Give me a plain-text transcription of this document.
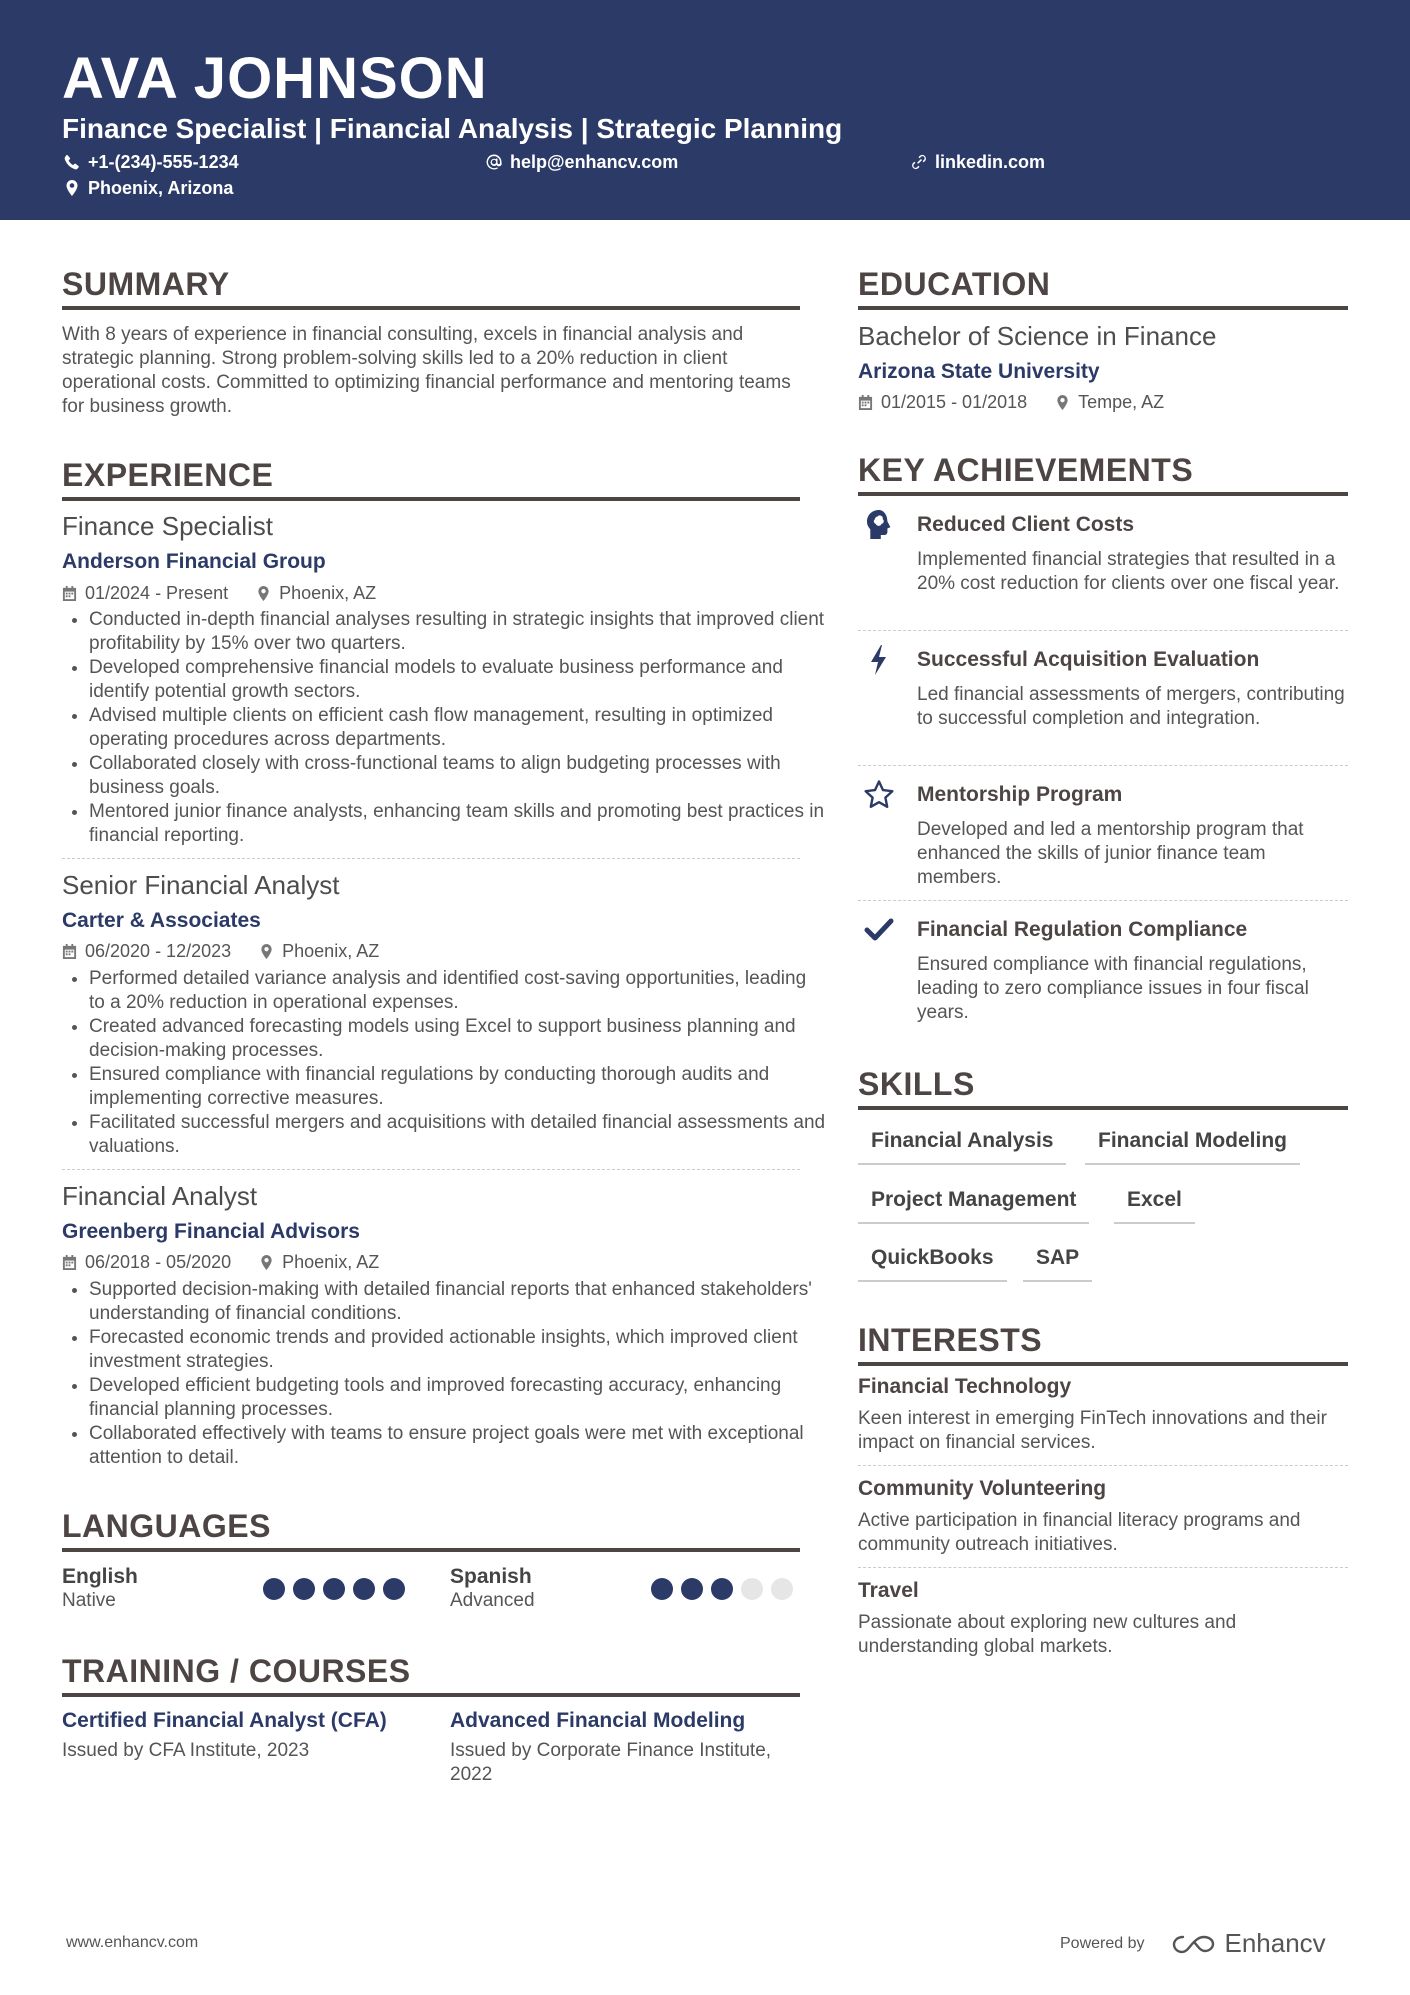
AVA JOHNSON
Finance Specialist | Financial Analysis | Strategic Planning
+1-(234)-555-1234	help@enhancv.com	linkedin.com
Phoenix, Arizona
SUMMARY

With 8 years of experience in financial consulting, excels in financial analysis and strategic planning. Strong problem-solving skills led to a 20% reduction in client operational costs. Committed to optimizing financial performance and mentoring teams for business growth.

EXPERIENCE
Finance Specialist
Anderson Financial Group
01/2024 - Present	Phoenix, AZ
• Conducted in-depth financial analyses resulting in strategic insights that improved client profitability by 15% over two quarters.
• Developed comprehensive financial models to evaluate business performance and identify potential growth sectors.
• Advised multiple clients on efficient cash flow management, resulting in optimized operating procedures across departments.
• Collaborated closely with cross-functional teams to align budgeting processes with business goals.
• Mentored junior finance analysts, enhancing team skills and promoting best practices in financial reporting.
Senior Financial Analyst
Carter & Associates
06/2020 - 12/2023	Phoenix, AZ
• Performed detailed variance analysis and identified cost-saving opportunities, leading to a 20% reduction in operational expenses.
• Created advanced forecasting models using Excel to support business planning and decision-making processes.
• Ensured compliance with financial regulations by conducting thorough audits and implementing corrective measures.
• Facilitated successful mergers and acquisitions with detailed financial assessments and valuations.
Financial Analyst
Greenberg Financial Advisors
06/2018 - 05/2020	Phoenix, AZ
• Supported decision-making with detailed financial reports that enhanced stakeholders' understanding of financial conditions.
• Forecasted economic trends and provided actionable insights, which improved client investment strategies.
• Developed efficient budgeting tools and improved forecasting accuracy, enhancing financial planning processes.
• Collaborated effectively with teams to ensure project goals were met with exceptional attention to detail.
LANGUAGES
English
Native
Spanish
Advanced
TRAINING / COURSES
Certified Financial Analyst (CFA)
Issued by CFA Institute, 2023
Advanced Financial Modeling
Issued by Corporate Finance Institute, 2022
EDUCATION
Bachelor of Science in Finance
Arizona State University
01/2015 - 01/2018	Tempe, AZ
KEY ACHIEVEMENTS
Reduced Client Costs

Implemented financial strategies that resulted in a 20% cost reduction for clients over one fiscal year.

Successful Acquisition Evaluation

Led financial assessments of mergers, contributing to successful completion and integration.

Mentorship Program

Developed and led a mentorship program that enhanced the skills of junior finance team members.

Financial Regulation Compliance

Ensured compliance with financial regulations, leading to zero compliance issues in four fiscal years.

SKILLS
Financial Analysis	Financial Modeling
Project Management	Excel
QuickBooks	SAP
INTERESTS
Financial Technology

Keen interest in emerging FinTech innovations and their impact on financial services.

Community Volunteering

Active participation in financial literacy programs and community outreach initiatives.

Travel

Passionate about exploring new cultures and understanding global markets.

www.enhancv.com	Powered by	Enhancv
